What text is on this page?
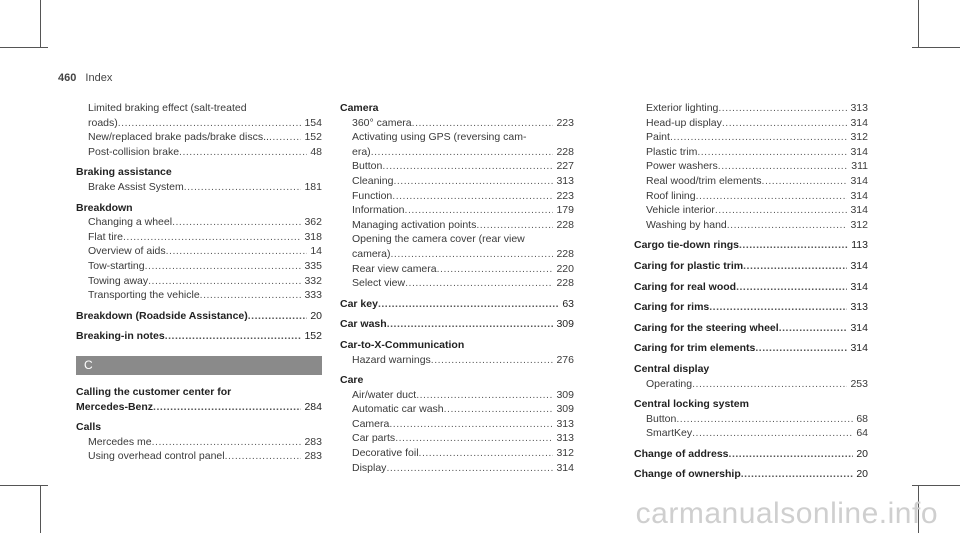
460 Index
Limited braking effect (salt-treated
roads) .....	154
New/replaced brake pads/brake discs.. .....	152
Post-collision brake .....	48
Braking assistance
Brake Assist System .....	181
Breakdown
Changing a wheel .....	362
Flat tire .....	318
Overview of aids .....	14
Tow-starting .....	335
Towing away .....	332
Transporting the vehicle .....	333
Breakdown (Roadside Assistance) .....	20
Breaking-in notes .....	152
C
Calling the customer center for
Mercedes-Benz .....	284
Calls
Mercedes me .....	283
Using overhead control panel .....	283
Camera
360° camera .....	223
Activating using GPS (reversing cam-
era) .....	228
Button .....	227
Cleaning .....	313
Function .....	223
Information .....	179
Managing activation points .....	228
Opening the camera cover (rear view
camera) .....	228
Rear view camera .....	220
Select view .....	228
Car key .....	63
Car wash .....	309
Car-to-X-Communication
Hazard warnings .....	276
Care
Air/water duct .....	309
Automatic car wash .....	309
Camera .....	313
Car parts .....	313
Decorative foil .....	312
Display .....	314
Exterior lighting .....	313
Head-up display .....	314
Paint .....	312
Plastic trim .....	314
Power washers .....	311
Real wood/trim elements .....	314
Roof lining .....	314
Vehicle interior .....	314
Washing by hand .....	312
Cargo tie-down rings .....	113
Caring for plastic trim .....	314
Caring for real wood .....	314
Caring for rims .....	313
Caring for the steering wheel .....	314
Caring for trim elements .....	314
Central display
Operating .....	253
Central locking system
Button .....	68
SmartKey .....	64
Change of address .....	20
Change of ownership .....	20
carmanualsonline.info
